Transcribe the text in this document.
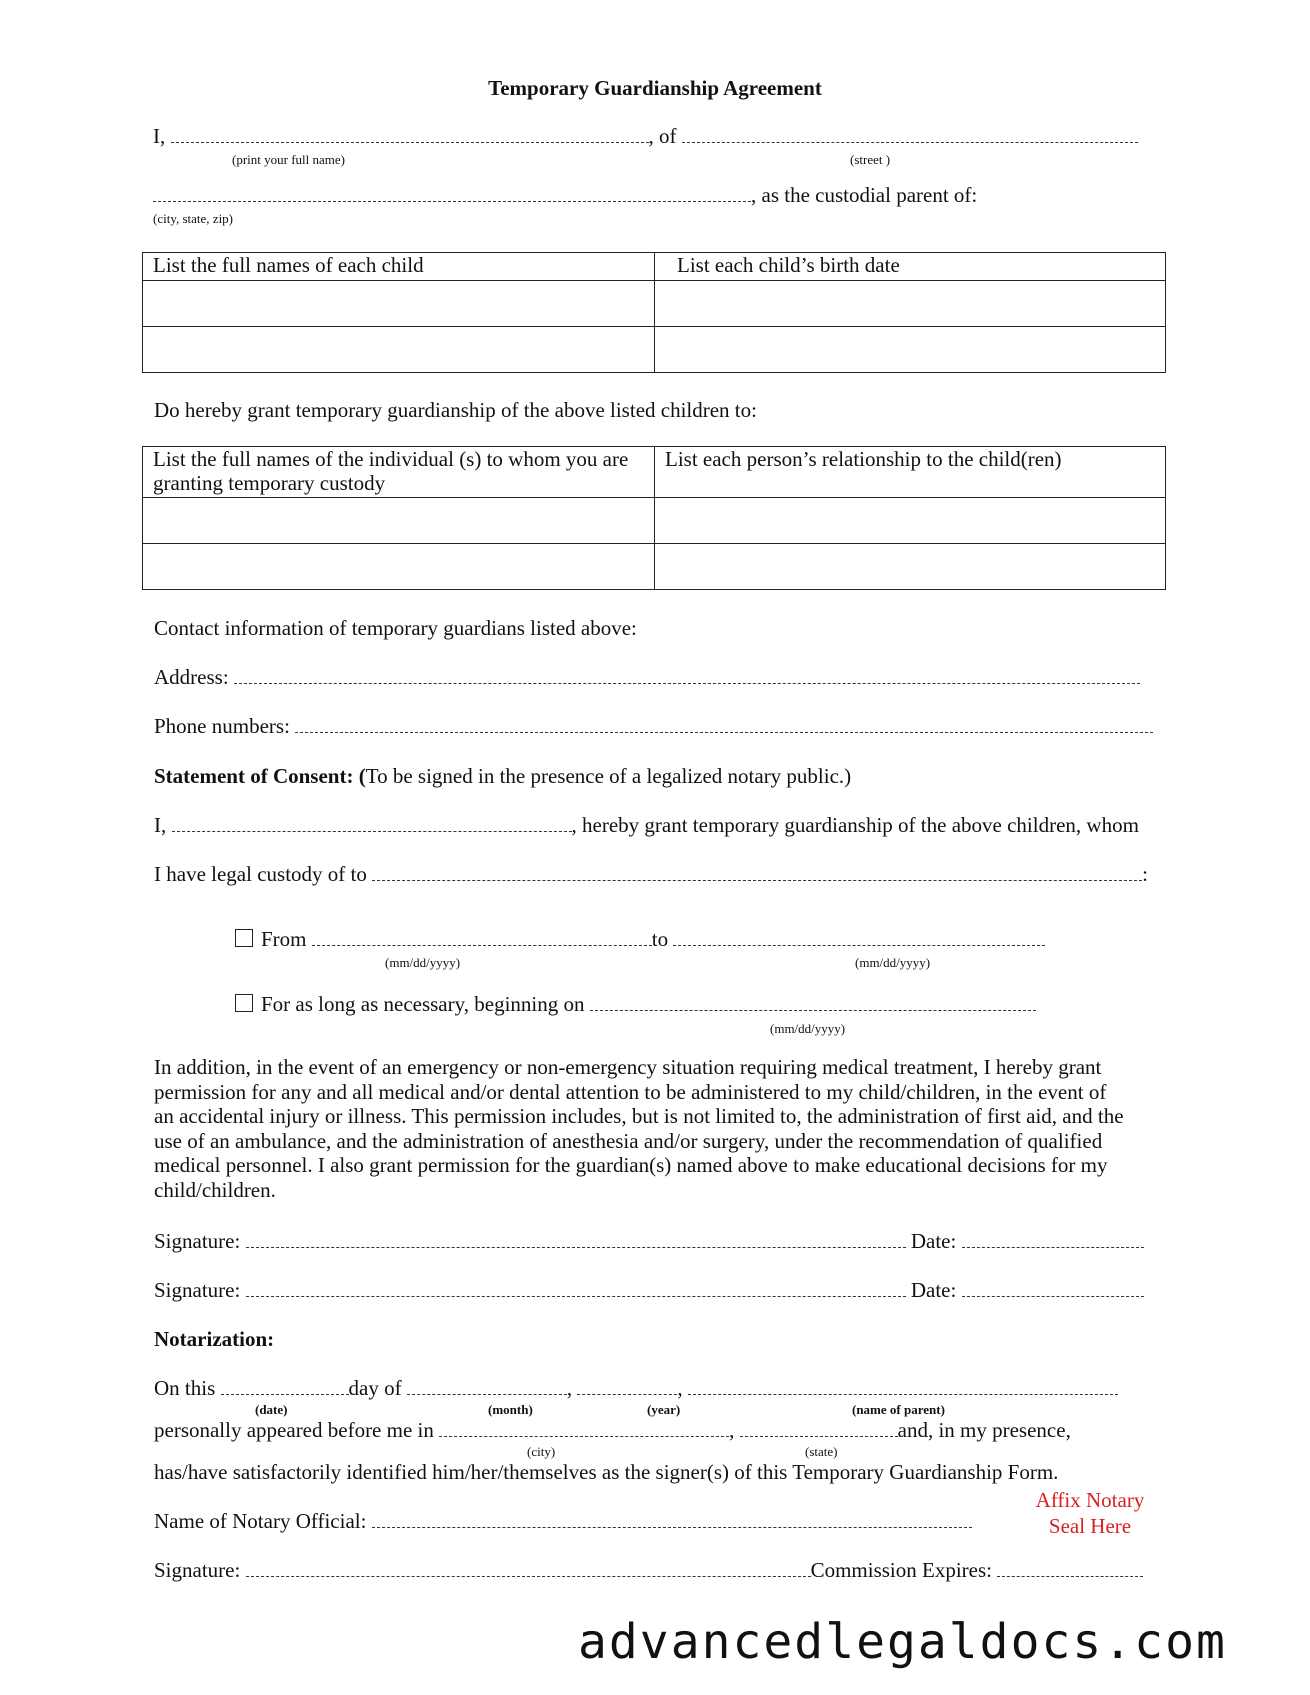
Temporary Guardianship Agreement
I,	, of
(print your full name)	(street )
, as the custodial parent of:
(city, state, zip)
List the full names of each child	List each child’s birth date

Do hereby grant temporary guardianship of the above listed children to:
List the full names of the individual (s) to whom you are
granting temporary custody	List each person’s relationship to the child(ren)

Contact information of temporary guardians listed above:
Address:
Phone numbers:
Statement of Consent: (To be signed in the presence of a legalized notary public.)
I,	, hereby grant temporary guardianship of the above children, whom
I have legal custody of to	:
From	to
(mm/dd/yyyy)	(mm/dd/yyyy)
For as long as necessary, beginning on
(mm/dd/yyyy)
In addition, in the event of an emergency or non-emergency situation requiring medical treatment, I hereby grant
permission for any and all medical and/or dental attention to be administered to my child/children, in the event of
an accidental injury or illness. This permission includes, but is not limited to, the administration of first aid, and the
use of an ambulance, and the administration of anesthesia and/or surgery, under the recommendation of qualified
medical personnel. I also grant permission for the guardian(s) named above to make educational decisions for my
child/children.
Signature:	Date:
Signature:	Date:
Notarization:
On this	day of	,	,
(date)	(month)	(year)	(name of parent)
personally appeared before me in	,	and, in my presence,
(city)	(state)
has/have satisfactorily identified him/her/themselves as the signer(s) of this Temporary Guardianship Form.
Affix Notary
Seal Here
Name of Notary Official:
Signature:	Commission Expires:
advancedlegaldocs.com
